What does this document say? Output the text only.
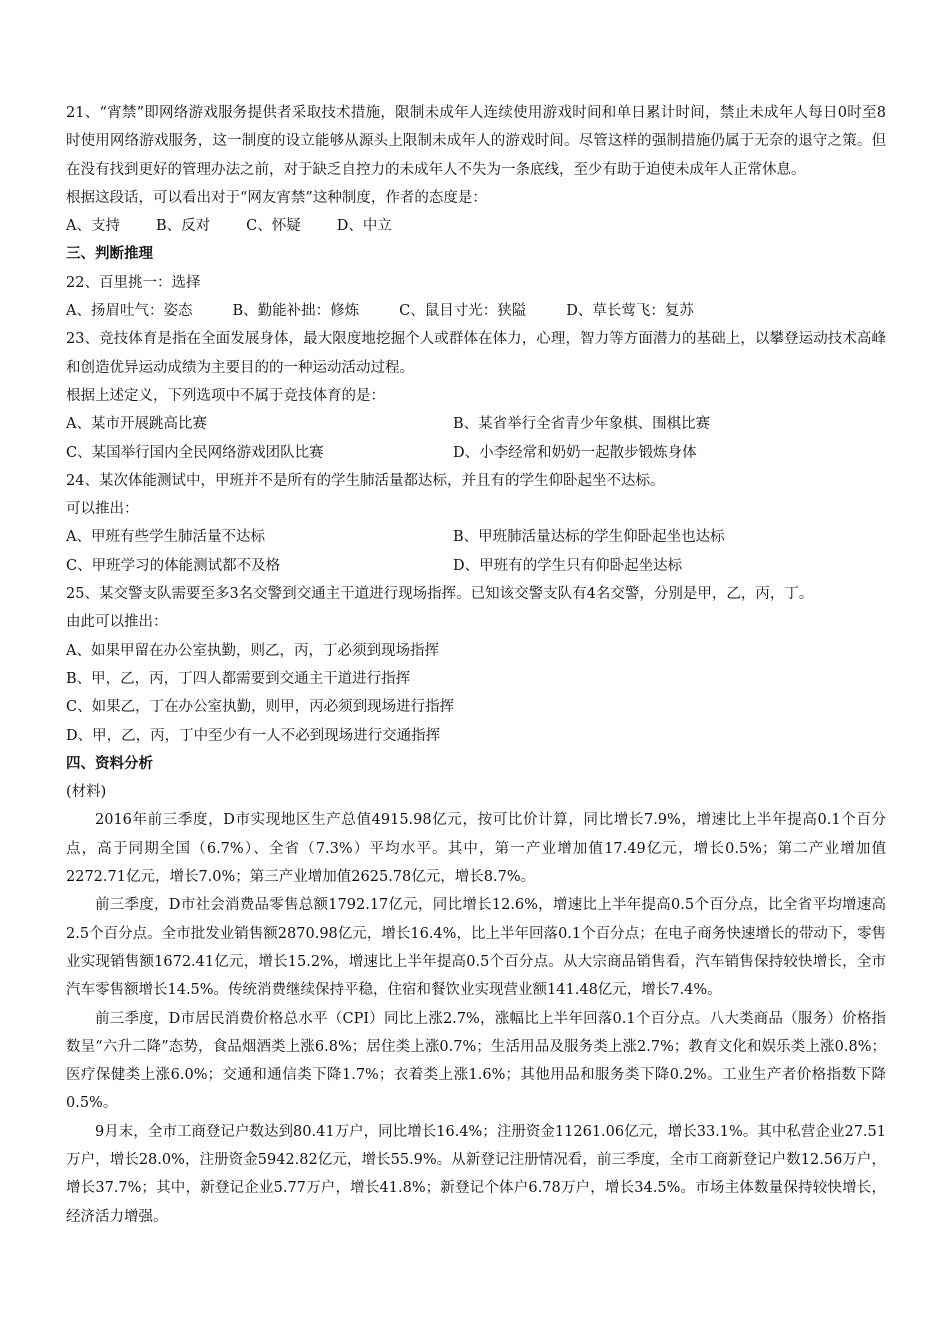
21、“宵禁”即网络游戏服务提供者采取技术措施，限制未成年人连续使用游戏时间和单日累计时间，禁止未成年人每日0时至8时使用网络游戏服务，这一制度的设立能够从源头上限制未成年人的游戏时间。尽管这样的强制措施仍属于无奈的退守之策。但在没有找到更好的管理办法之前，对于缺乏自控力的未成年人不失为一条底线，至少有助于迫使未成年人正常休息。

根据这段话，可以看出对于“网友宵禁”这种制度，作者的态度是：

A、支持 B、反对 C、怀疑 D、中立

三、判断推理

22、百里挑一：选择

A、扬眉吐气：姿态	B、勤能补拙：修炼	C、鼠目寸光：狭隘	D、草长莺飞：复苏

23、竞技体育是指在全面发展身体，最大限度地挖掘个人或群体在体力，心理，智力等方面潜力的基础上，以攀登运动技术高峰和创造优异运动成绩为主要目的的一种运动活动过程。

根据上述定义，下列选项中不属于竞技体育的是：

A、某市开展跳高比赛	B、某省举行全省青少年象棋、围棋比赛

C、某国举行国内全民网络游戏团队比赛	D、小李经常和奶奶一起散步锻炼身体

24、某次体能测试中，甲班并不是所有的学生肺活量都达标，并且有的学生仰卧起坐不达标。

可以推出：

A、甲班有些学生肺活量不达标	B、甲班肺活量达标的学生仰卧起坐也达标

C、甲班学习的体能测试都不及格	D、甲班有的学生只有仰卧起坐达标

25、某交警支队需要至多3名交警到交通主干道进行现场指挥。已知该交警支队有4名交警，分别是甲，乙，丙，丁。

由此可以推出：

A、如果甲留在办公室执勤，则乙，丙，丁必须到现场指挥

B、甲，乙，丙，丁四人都需要到交通主干道进行指挥

C、如果乙，丁在办公室执勤，则甲，丙必须到现场进行指挥

D、甲，乙，丙，丁中至少有一人不必到现场进行交通指挥

四、资料分析

(材料)

2016年前三季度，D市实现地区生产总值4915.98亿元，按可比价计算，同比增长7.9%，增速比上半年提高0.1个百分点，高于同期全国（6.7%）、全省（7.3%）平均水平。其中，第一产业增加值17.49亿元，增长0.5%；第二产业增加值2272.71亿元，增长7.0%；第三产业增加值2625.78亿元，增长8.7%。

前三季度，D市社会消费品零售总额1792.17亿元，同比增长12.6%，增速比上半年提高0.5个百分点，比全省平均增速高2.5个百分点。全市批发业销售额2870.98亿元，增长16.4%，比上半年回落0.1个百分点；在电子商务快速增长的带动下，零售业实现销售额1672.41亿元，增长15.2%，增速比上半年提高0.5个百分点。从大宗商品销售看，汽车销售保持较快增长，全市汽车零售额增长14.5%。传统消费继续保持平稳，住宿和餐饮业实现营业额141.48亿元，增长7.4%。

前三季度，D市居民消费价格总水平（CPI）同比上涨2.7%，涨幅比上半年回落0.1个百分点。八大类商品（服务）价格指数呈“六升二降”态势，食品烟酒类上涨6.8%；居住类上涨0.7%；生活用品及服务类上涨2.7%；教育文化和娱乐类上涨0.8%；医疗保健类上涨6.0%；交通和通信类下降1.7%；衣着类上涨1.6%；其他用品和服务类下降0.2%。工业生产者价格指数下降0.5%。

9月末，全市工商登记户数达到80.41万户，同比增长16.4%；注册资金11261.06亿元，增长33.1%。其中私营企业27.51万户，增长28.0%，注册资金5942.82亿元，增长55.9%。从新登记注册情况看，前三季度，全市工商新登记户数12.56万户，增长37.7%；其中，新登记企业5.77万户，增长41.8%；新登记个体户6.78万户，增长34.5%。市场主体数量保持较快增长，经济活力增强。
